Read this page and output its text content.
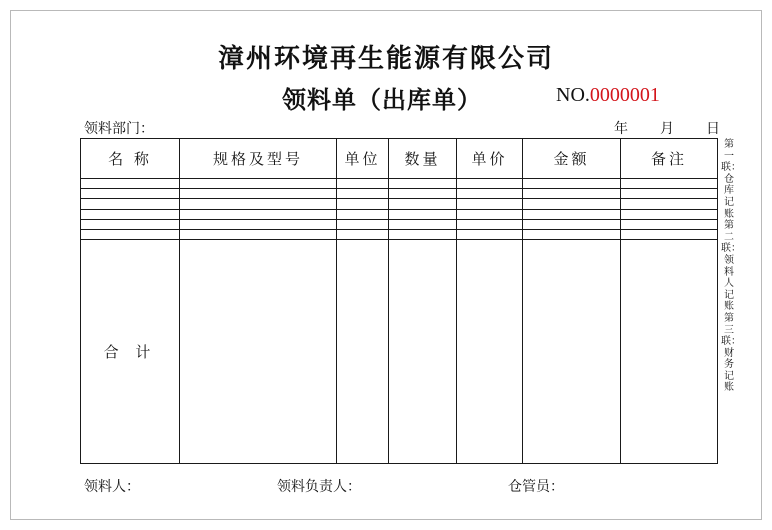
漳州环境再生能源有限公司
领料单（出库单）	NO.0000001
领料部门：	年 月 日
名 称	规格及型号	单位	数量	单价	金额	备注

合 计						
第一联：仓库记账 第二联：领料人记账 第三联：财务记账
领料人：	领料负责人：	仓管员：
